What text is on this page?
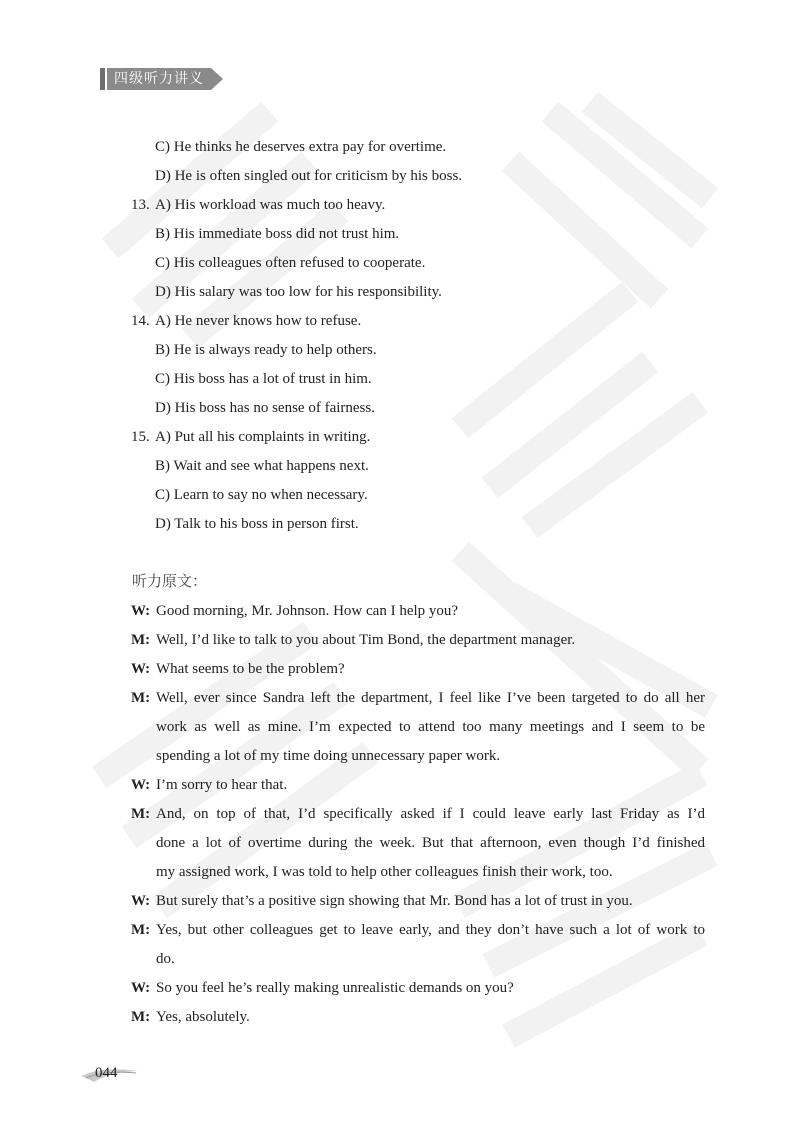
四级听力讲义
C) He thinks he deserves extra pay for overtime.
D) He is often singled out for criticism by his boss.
13. A) His workload was much too heavy.
B) His immediate boss did not trust him.
C) His colleagues often refused to cooperate.
D) His salary was too low for his responsibility.
14. A) He never knows how to refuse.
B) He is always ready to help others.
C) His boss has a lot of trust in him.
D) His boss has no sense of fairness.
15. A) Put all his complaints in writing.
B) Wait and see what happens next.
C) Learn to say no when necessary.
D) Talk to his boss in person first.
听力原文：
W: Good morning, Mr. Johnson. How can I help you?
M: Well, I’d like to talk to you about Tim Bond, the department manager.
W: What seems to be the problem?
M: Well, ever since Sandra left the department, I feel like I’ve been targeted to do all her
work as well as mine. I’m expected to attend too many meetings and I seem to be
spending a lot of my time doing unnecessary paper work.
W: I’m sorry to hear that.
M: And, on top of that, I’d specifically asked if I could leave early last Friday as I’d
done a lot of overtime during the week. But that afternoon, even though I’d finished
my assigned work, I was told to help other colleagues finish their work, too.
W: But surely that’s a positive sign showing that Mr. Bond has a lot of trust in you.
M: Yes, but other colleagues get to leave early, and they don’t have such a lot of work to
do.
W: So you feel he’s really making unrealistic demands on you?
M: Yes, absolutely.
044
